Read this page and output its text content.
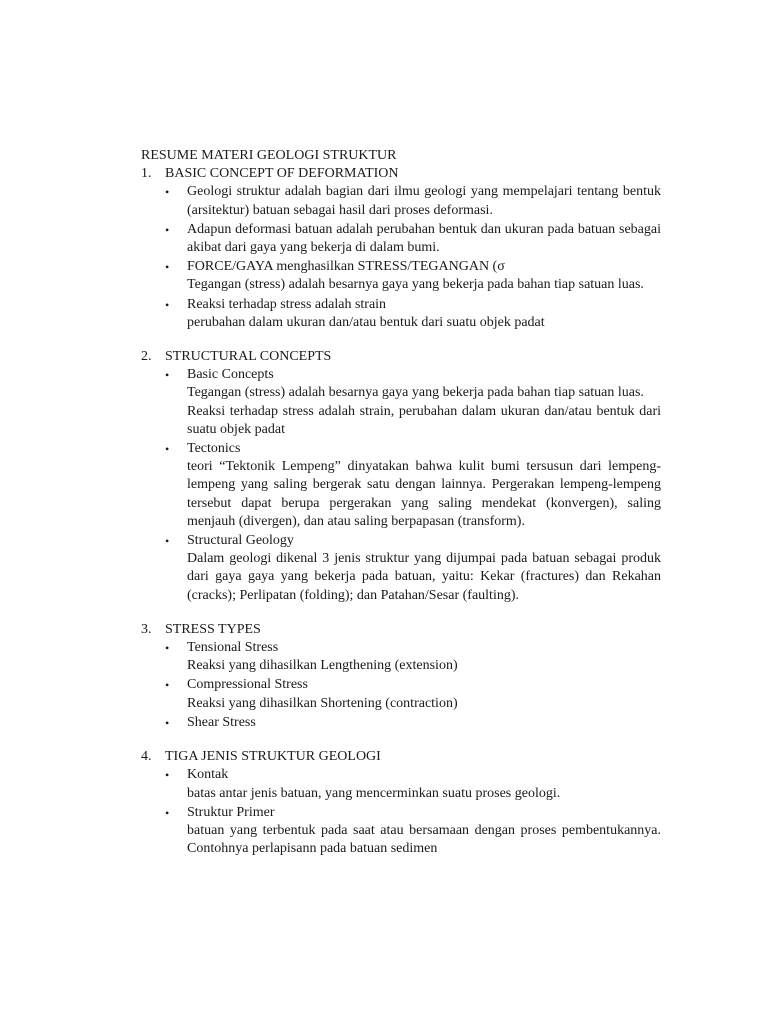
RESUME MATERI GEOLOGI STRUKTUR
1. BASIC CONCEPT OF DEFORMATION
• Geologi struktur adalah bagian dari ilmu geologi yang mempelajari tentang bentuk (arsitektur) batuan sebagai hasil dari proses deformasi.
• Adapun deformasi batuan adalah perubahan bentuk dan ukuran pada batuan sebagai akibat dari gaya yang bekerja di dalam bumi.
• FORCE/GAYA menghasilkan STRESS/TEGANGAN (σ
Tegangan (stress) adalah besarnya gaya yang bekerja pada bahan tiap satuan luas.
• Reaksi terhadap stress adalah strain
perubahan dalam ukuran dan/atau bentuk dari suatu objek padat
2. STRUCTURAL CONCEPTS
• Basic Concepts
Tegangan (stress) adalah besarnya gaya yang bekerja pada bahan tiap satuan luas.
Reaksi terhadap stress adalah strain, perubahan dalam ukuran dan/atau bentuk dari suatu objek padat
• Tectonics
teori “Tektonik Lempeng” dinyatakan bahwa kulit bumi tersusun dari lempeng-lempeng yang saling bergerak satu dengan lainnya. Pergerakan lempeng-lempeng tersebut dapat berupa pergerakan yang saling mendekat (konvergen), saling menjauh (divergen), dan atau saling berpapasan (transform).
• Structural Geology
Dalam geologi dikenal 3 jenis struktur yang dijumpai pada batuan sebagai produk dari gaya gaya yang bekerja pada batuan, yaitu: Kekar (fractures) dan Rekahan (cracks); Perlipatan (folding); dan Patahan/Sesar (faulting).
3. STRESS TYPES
• Tensional Stress
Reaksi yang dihasilkan Lengthening (extension)
• Compressional Stress
Reaksi yang dihasilkan Shortening (contraction)
• Shear Stress
4. TIGA JENIS STRUKTUR GEOLOGI
• Kontak
batas antar jenis batuan, yang mencerminkan suatu proses geologi.
• Struktur Primer
batuan yang terbentuk pada saat atau bersamaan dengan proses pembentukannya. Contohnya perlapisann pada batuan sedimen
